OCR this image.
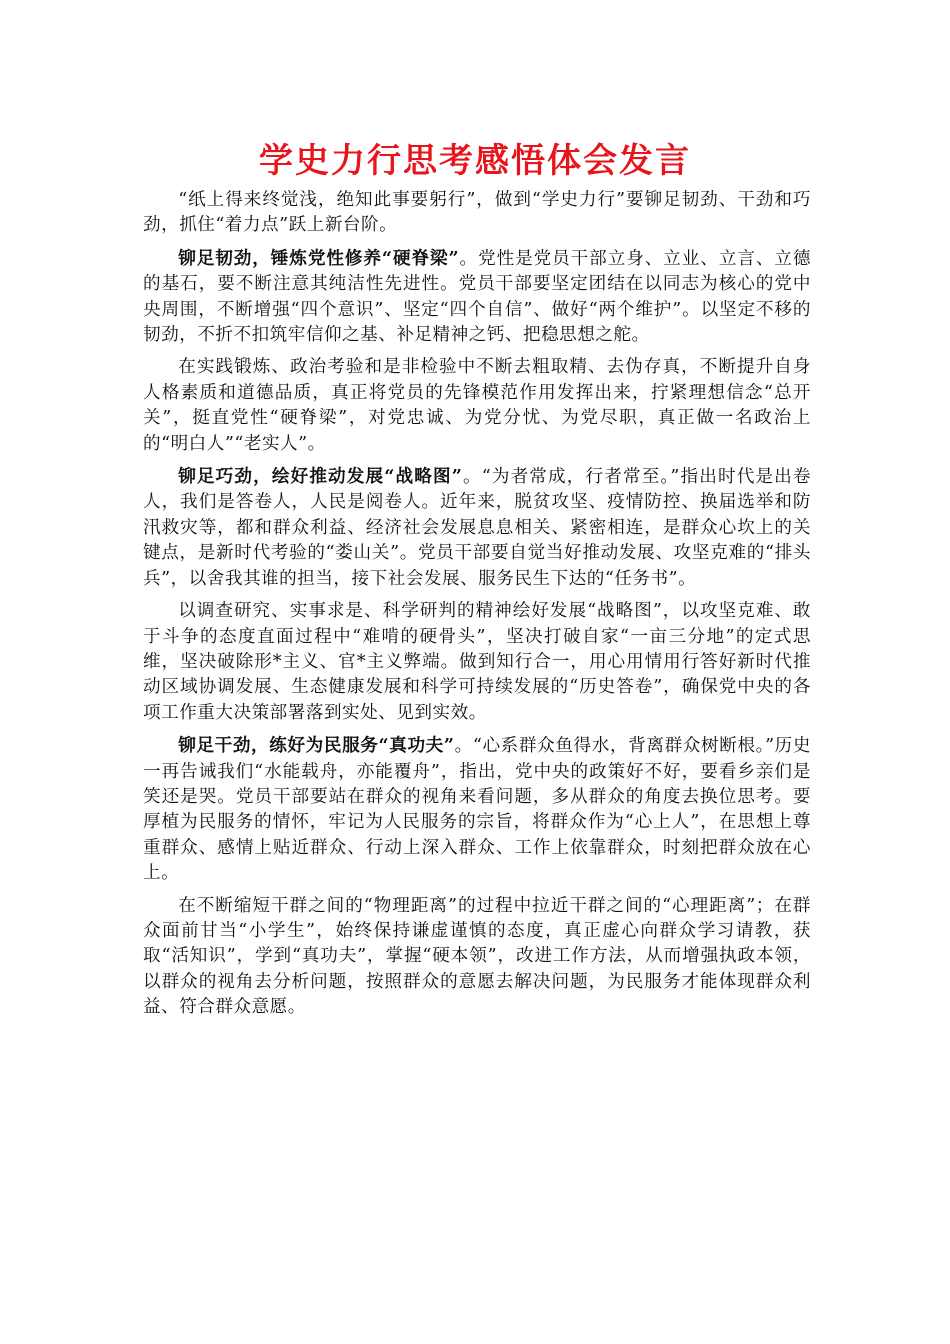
学史力行思考感悟体会发言

“纸上得来终觉浅，绝知此事要躬行”，做到“学史力行”要铆足韧劲、干劲和巧劲，抓住“着力点”跃上新台阶。

铆足韧劲，锤炼党性修养“硬脊梁”。党性是党员干部立身、立业、立言、立德的基石，要不断注意其纯洁性先进性。党员干部要坚定团结在以同志为核心的党中央周围，不断增强“四个意识”、坚定“四个自信”、做好“两个维护”。以坚定不移的韧劲，不折不扣筑牢信仰之基、补足精神之钙、把稳思想之舵。

在实践锻炼、政治考验和是非检验中不断去粗取精、去伪存真，不断提升自身人格素质和道德品质，真正将党员的先锋模范作用发挥出来，拧紧理想信念“总开关”，挺直党性“硬脊梁”，对党忠诚、为党分忧、为党尽职，真正做一名政治上的“明白人”“老实人”。

铆足巧劲，绘好推动发展“战略图”。“为者常成，行者常至。”指出时代是出卷人，我们是答卷人，人民是阅卷人。近年来，脱贫攻坚、疫情防控、换届选举和防汛救灾等，都和群众利益、经济社会发展息息相关、紧密相连，是群众心坎上的关键点，是新时代考验的“娄山关”。党员干部要自觉当好推动发展、攻坚克难的“排头兵”，以舍我其谁的担当，接下社会发展、服务民生下达的“任务书”。

以调查研究、实事求是、科学研判的精神绘好发展“战略图”，以攻坚克难、敢于斗争的态度直面过程中“难啃的硬骨头”，坚决打破自家“一亩三分地”的定式思维，坚决破除形*主义、官*主义弊端。做到知行合一，用心用情用行答好新时代推动区域协调发展、生态健康发展和科学可持续发展的“历史答卷”，确保党中央的各项工作重大决策部署落到实处、见到实效。

铆足干劲，练好为民服务“真功夫”。“心系群众鱼得水，背离群众树断根。”历史一再告诫我们“水能载舟，亦能覆舟”，指出，党中央的政策好不好，要看乡亲们是笑还是哭。党员干部要站在群众的视角来看问题，多从群众的角度去换位思考。要厚植为民服务的情怀，牢记为人民服务的宗旨，将群众作为“心上人”，在思想上尊重群众、感情上贴近群众、行动上深入群众、工作上依靠群众，时刻把群众放在心上。

在不断缩短干群之间的“物理距离”的过程中拉近干群之间的“心理距离”；在群众面前甘当“小学生”，始终保持谦虚谨慎的态度，真正虚心向群众学习请教，获取“活知识”，学到“真功夫”，掌握“硬本领”，改进工作方法，从而增强执政本领，以群众的视角去分析问题，按照群众的意愿去解决问题，为民服务才能体现群众利益、符合群众意愿。
